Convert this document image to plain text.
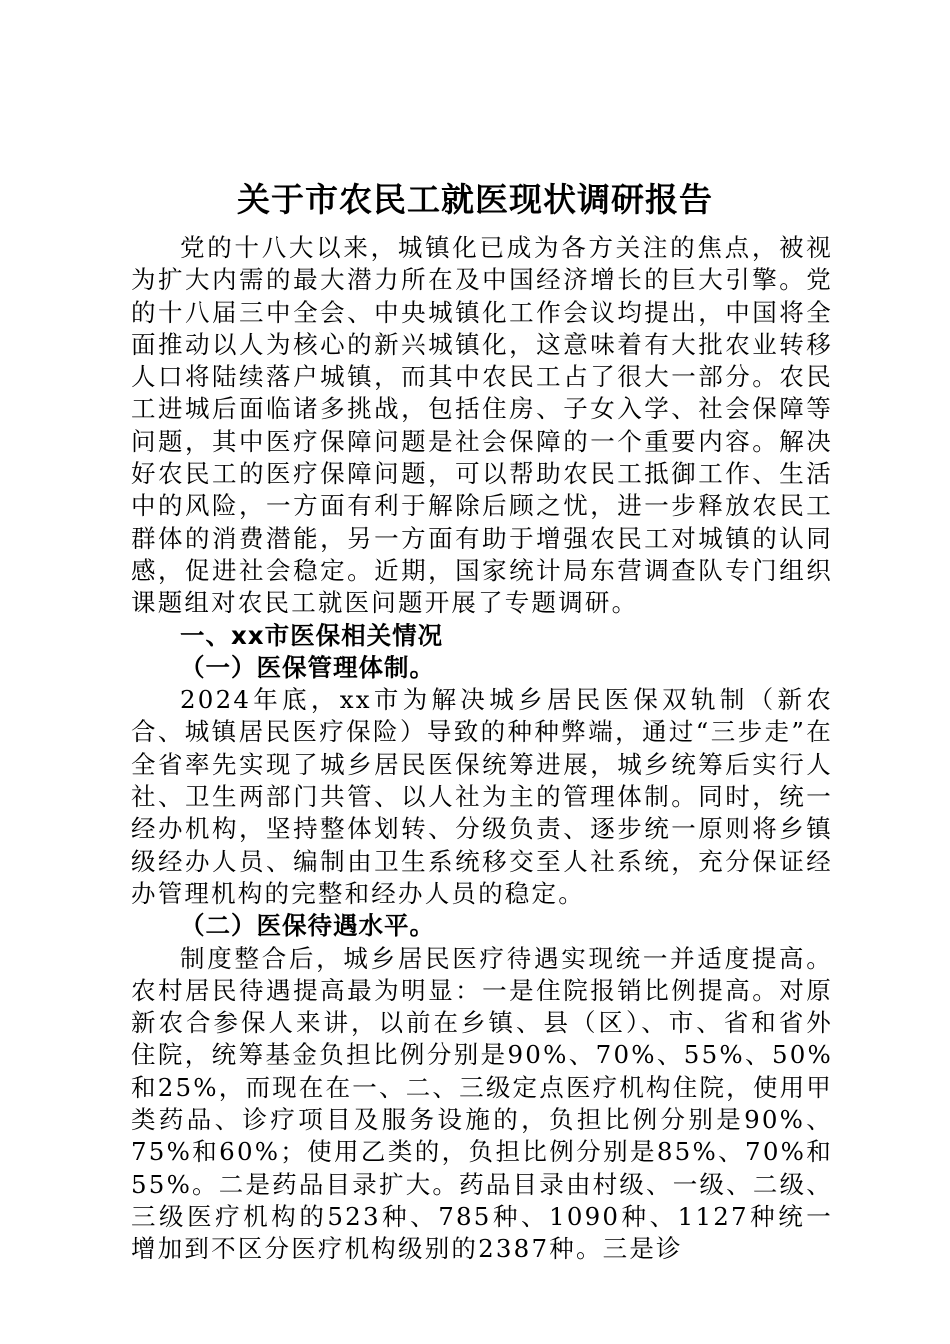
关于市农民工就医现状调研报告

党的十八大以来，城镇化已成为各方关注的焦点，被视为扩大内需的最大潜力所在及中国经济增长的巨大引擎。党的十八届三中全会、中央城镇化工作会议均提出，中国将全面推动以人为核心的新兴城镇化，这意味着有大批农业转移人口将陆续落户城镇，而其中农民工占了很大一部分。农民工进城后面临诸多挑战，包括住房、子女入学、社会保障等问题，其中医疗保障问题是社会保障的一个重要内容。解决好农民工的医疗保障问题，可以帮助农民工抵御工作、生活中的风险，一方面有利于解除后顾之忧，进一步释放农民工群体的消费潜能，另一方面有助于增强农民工对城镇的认同感，促进社会稳定。近期，国家统计局东营调查队专门组织课题组对农民工就医问题开展了专题调研。

一、xx市医保相关情况

（一）医保管理体制。

2024年底，xx市为解决城乡居民医保双轨制（新农合、城镇居民医疗保险）导致的种种弊端，通过“三步走”在全省率先实现了城乡居民医保统筹进展，城乡统筹后实行人社、卫生两部门共管、以人社为主的管理体制。同时，统一经办机构，坚持整体划转、分级负责、逐步统一原则将乡镇级经办人员、编制由卫生系统移交至人社系统，充分保证经办管理机构的完整和经办人员的稳定。

（二）医保待遇水平。

制度整合后，城乡居民医疗待遇实现统一并适度提高。农村居民待遇提高最为明显：一是住院报销比例提高。对原新农合参保人来讲，以前在乡镇、县（区）、市、省和省外住院，统筹基金负担比例分别是90%、70%、55%、50%和25%，而现在在一、二、三级定点医疗机构住院，使用甲类药品、诊疗项目及服务设施的，负担比例分别是90%、75%和60%；使用乙类的，负担比例分别是85%、70%和55%。二是药品目录扩大。药品目录由村级、一级、二级、三级医疗机构的523种、785种、1090种、1127种统一增加到不区分医疗机构级别的2387种。三是诊
